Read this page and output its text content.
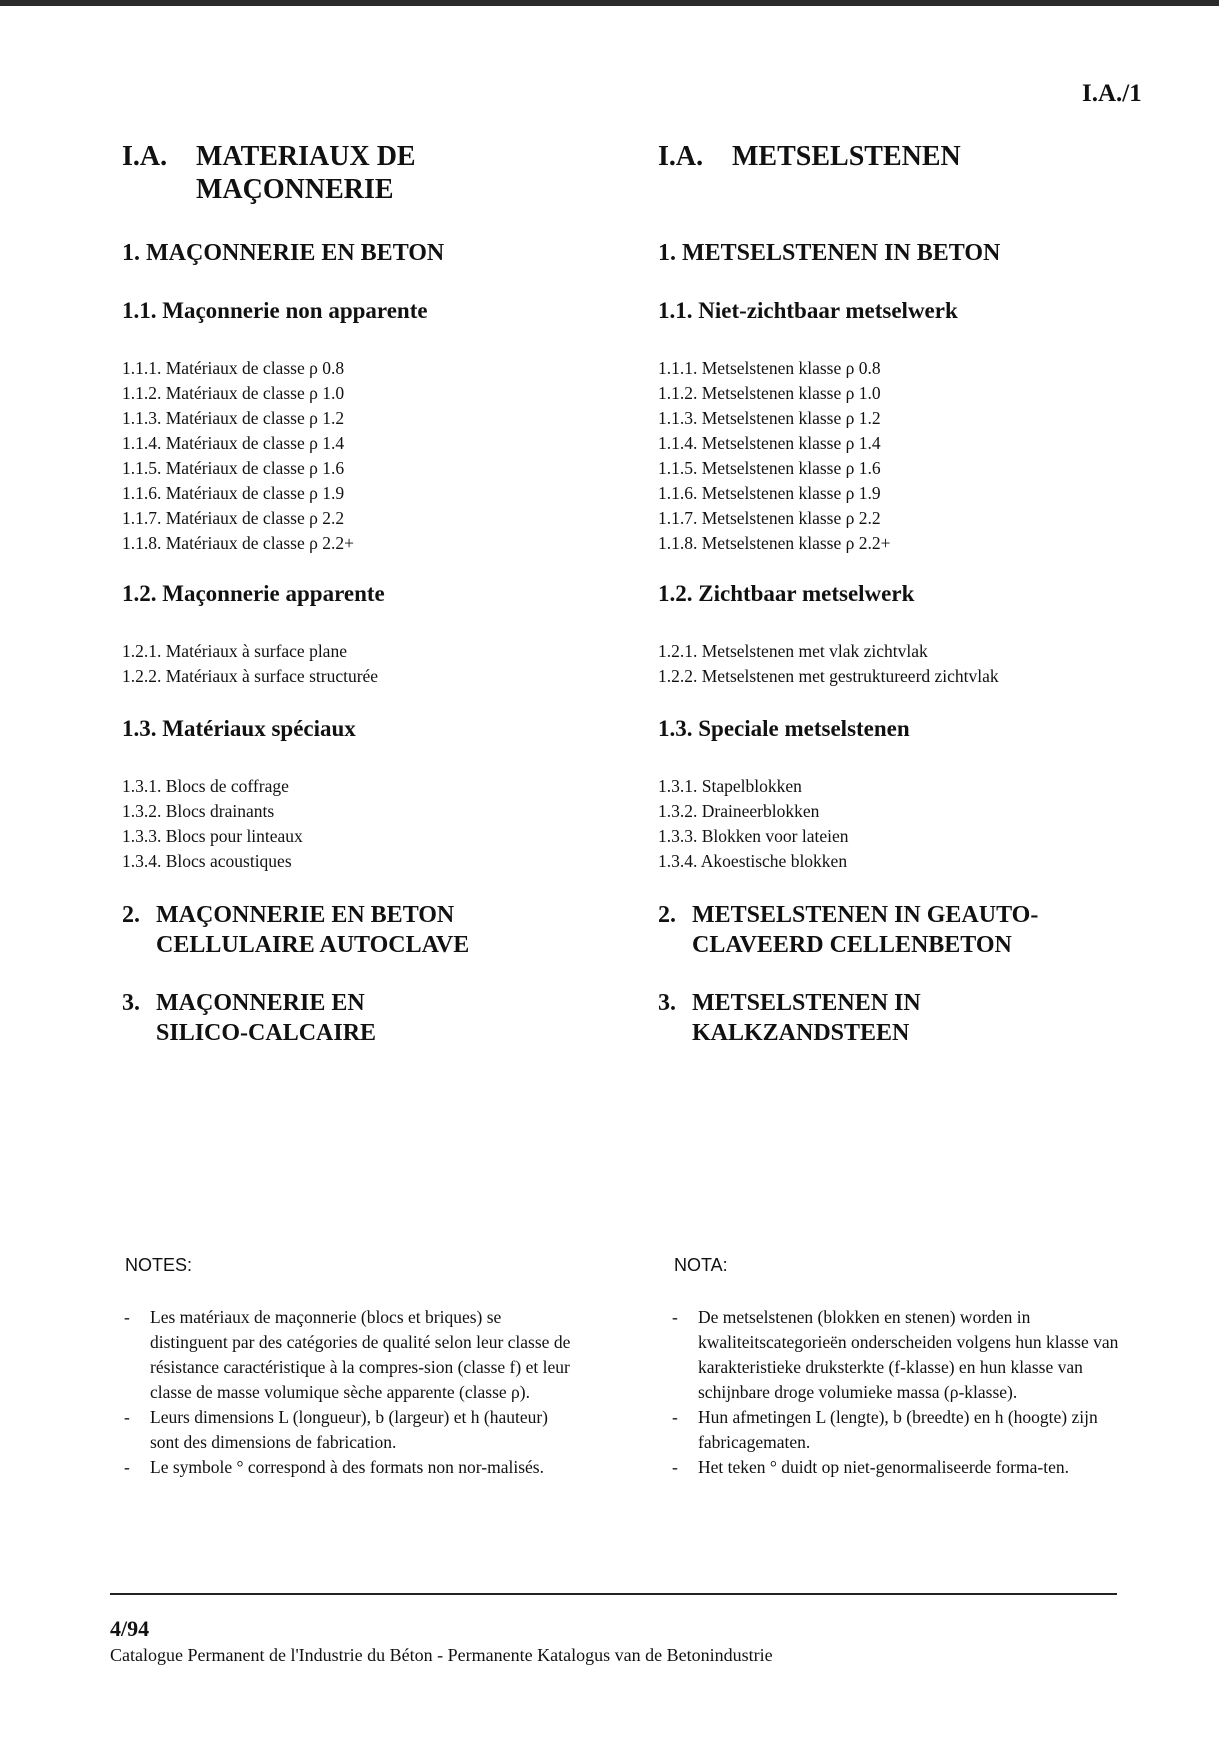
I.A./1
I.A. MATERIAUX DE
MAÇONNERIE
1. MAÇONNERIE EN BETON
1.1. Maçonnerie non apparente
1.1.1. Matériaux de classe ρ 0.8
1.1.2. Matériaux de classe ρ 1.0
1.1.3. Matériaux de classe ρ 1.2
1.1.4. Matériaux de classe ρ 1.4
1.1.5. Matériaux de classe ρ 1.6
1.1.6. Matériaux de classe ρ 1.9
1.1.7. Matériaux de classe ρ 2.2
1.1.8. Matériaux de classe ρ 2.2+
1.2. Maçonnerie apparente
1.2.1. Matériaux à surface plane
1.2.2. Matériaux à surface structurée
1.3. Matériaux spéciaux
1.3.1. Blocs de coffrage
1.3.2. Blocs drainants
1.3.3. Blocs pour linteaux
1.3.4. Blocs acoustiques
2. MAÇONNERIE EN BETON
CELLULAIRE AUTOCLAVE
3. MAÇONNERIE EN
SILICO-CALCAIRE
NOTES:
- Les matériaux de maçonnerie (blocs et briques) se distinguent par des catégories de qualité selon leur classe de résistance caractéristique à la compres-sion (classe f) et leur classe de masse volumique sèche apparente (classe ρ).
- Leurs dimensions L (longueur), b (largeur) et h (hauteur) sont des dimensions de fabrication.
- Le symbole ° correspond à des formats non nor-malisés.
I.A. METSELSTENEN
1. METSELSTENEN IN BETON
1.1. Niet-zichtbaar metselwerk
1.1.1. Metselstenen klasse ρ 0.8
1.1.2. Metselstenen klasse ρ 1.0
1.1.3. Metselstenen klasse ρ 1.2
1.1.4. Metselstenen klasse ρ 1.4
1.1.5. Metselstenen klasse ρ 1.6
1.1.6. Metselstenen klasse ρ 1.9
1.1.7. Metselstenen klasse ρ 2.2
1.1.8. Metselstenen klasse ρ 2.2+
1.2. Zichtbaar metselwerk
1.2.1. Metselstenen met vlak zichtvlak
1.2.2. Metselstenen met gestruktureerd zichtvlak
1.3. Speciale metselstenen
1.3.1. Stapelblokken
1.3.2. Draineerblokken
1.3.3. Blokken voor lateien
1.3.4. Akoestische blokken
2. METSELSTENEN IN GEAUTO-
CLAVEERD CELLENBETON
3. METSELSTENEN IN
KALKZANDSTEEN
NOTA:
- De metselstenen (blokken en stenen) worden in kwaliteitscategorieën onderscheiden volgens hun klasse van karakteristieke druksterkte (f-klasse) en hun klasse van schijnbare droge volumieke massa (ρ-klasse).
- Hun afmetingen L (lengte), b (breedte) en h (hoogte) zijn fabricagematen.
- Het teken ° duidt op niet-genormaliseerde forma-ten.
4/94
Catalogue Permanent de l'Industrie du Béton - Permanente Katalogus van de Betonindustrie
